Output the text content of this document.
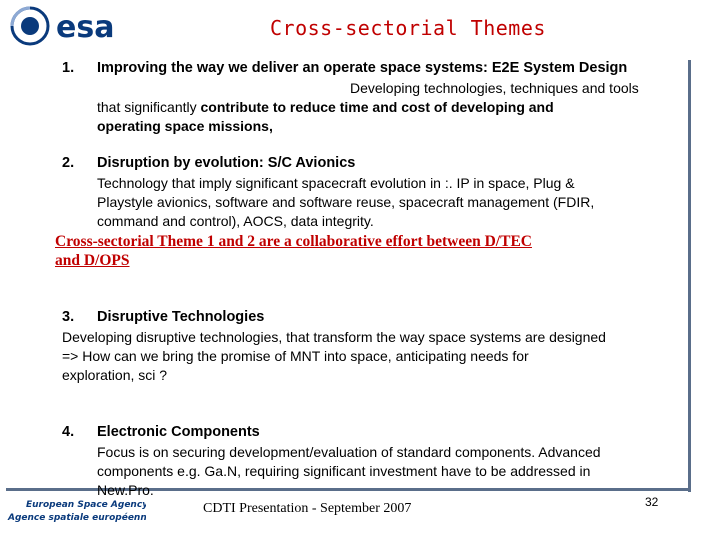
esa	Cross-sectorial Themes
1. Improving the way we deliver an operate space systems: E2E System Design
Developing technologies, techniques and tools
that significantly contribute to reduce time and cost of developing and
operating space missions,
2. Disruption by evolution: S/C Avionics
Technology that imply significant spacecraft evolution in :. IP in space, Plug &
Playstyle avionics, software and software reuse, spacecraft management (FDIR,
command and control), AOCS, data integrity.
Cross-sectorial Theme 1 and 2 are a collaborative effort between D/TEC
and D/OPS
3. Disruptive Technologies
Developing disruptive technologies, that transform the way space systems are designed
=> How can we bring the promise of MNT into space, anticipating needs for
exploration, sci ?
4. Electronic Components
Focus is on securing development/evaluation of standard components. Advanced
components e.g. Ga.N, requiring significant investment have to be addressed in
New.Pro.
European Space Agency
Agence spatiale européenne
CDTI Presentation - September 2007	32
